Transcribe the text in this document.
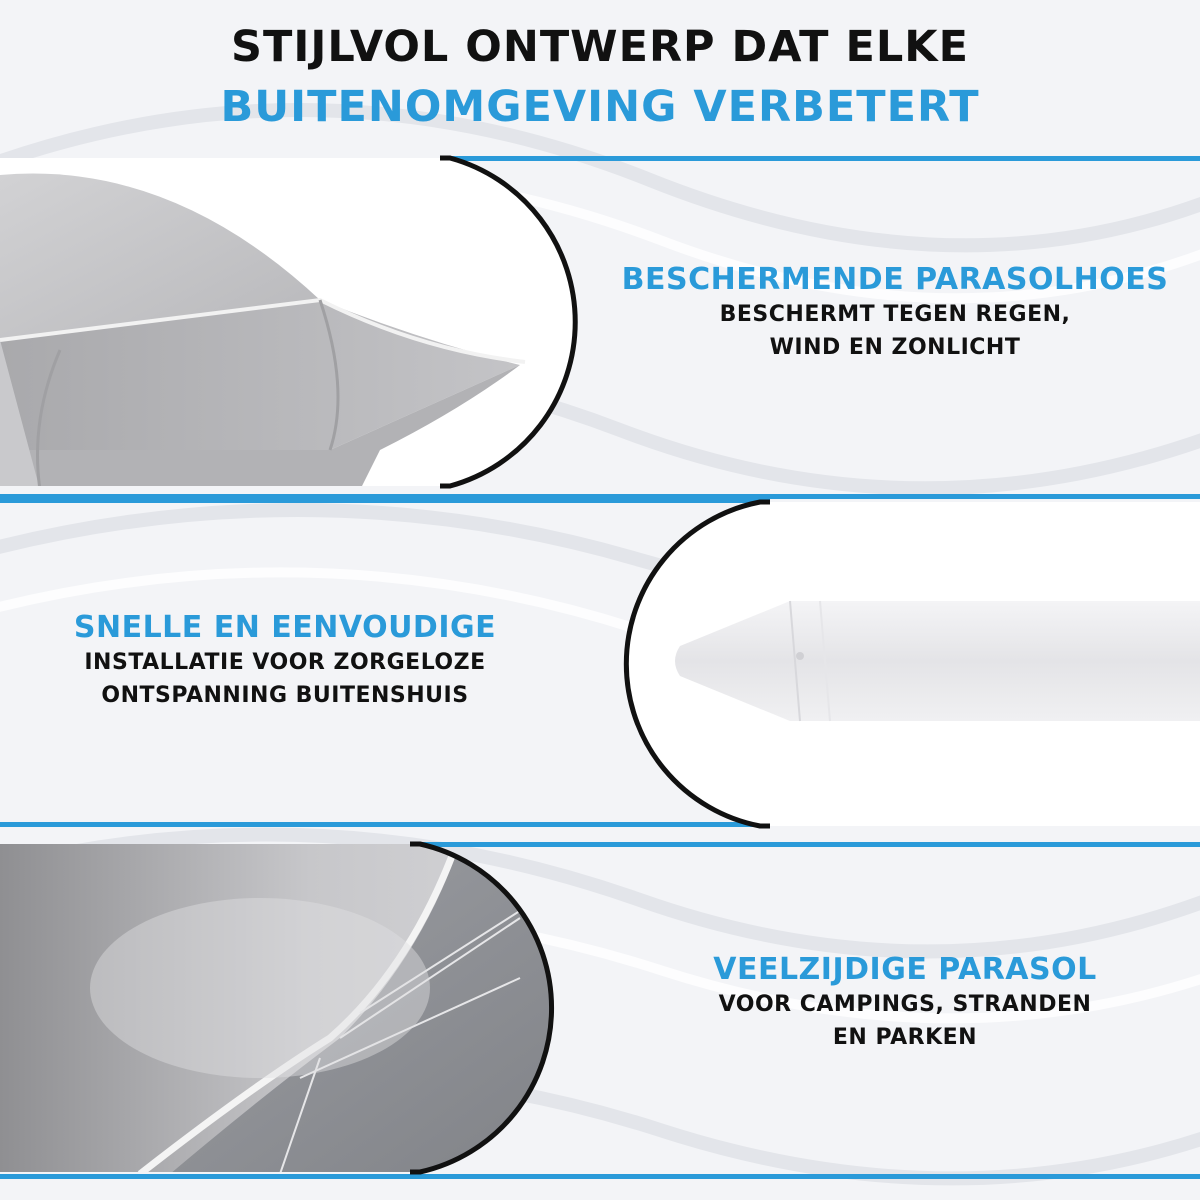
STIJLVOL ONTWERP DAT ELKE
BUITENOMGEVING VERBETERT
BESCHERMENDE PARASOLHOES
BESCHERMT TEGEN REGEN,
WIND EN ZONLICHT
SNELLE EN EENVOUDIGE
INSTALLATIE VOOR ZORGELOZE
ONTSPANNING BUITENSHUIS
VEELZIJDIGE PARASOL
VOOR CAMPINGS, STRANDEN
EN PARKEN
